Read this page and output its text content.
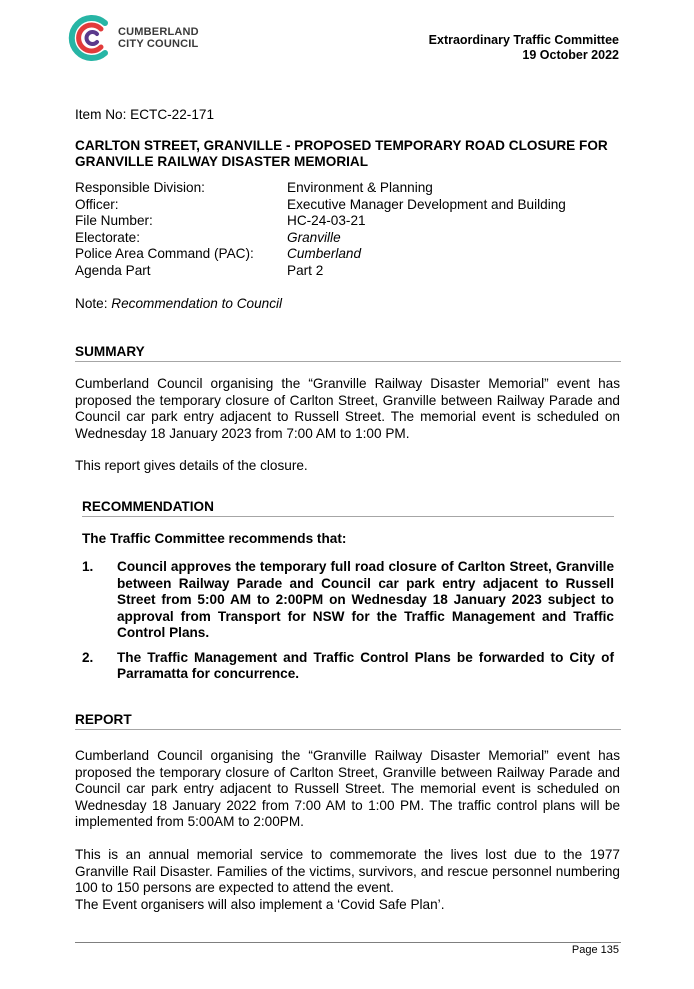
CUMBERLAND
CITY COUNCIL	Extraordinary Traffic Committee
19 October 2022
Item No: ECTC-22-171
CARLTON STREET, GRANVILLE - PROPOSED TEMPORARY ROAD CLOSURE FOR GRANVILLE RAILWAY DISASTER MEMORIAL
Responsible Division:	Environment & Planning
Officer:	Executive Manager Development and Building
File Number:	HC-24-03-21
Electorate:	Granville
Police Area Command (PAC): Cumberland
Agenda Part	Part 2
Note: Recommendation to Council
SUMMARY
Cumberland Council organising the “Granville Railway Disaster Memorial” event has proposed the temporary closure of Carlton Street, Granville between Railway Parade and Council car park entry adjacent to Russell Street. The memorial event is scheduled on Wednesday 18 January 2023 from 7:00 AM to 1:00 PM.
This report gives details of the closure.
RECOMMENDATION
The Traffic Committee recommends that:
1. Council approves the temporary full road closure of Carlton Street, Granville between Railway Parade and Council car park entry adjacent to Russell Street from 5:00 AM to 2:00PM on Wednesday 18 January 2023 subject to approval from Transport for NSW for the Traffic Management and Traffic Control Plans.
2. The Traffic Management and Traffic Control Plans be forwarded to City of Parramatta for concurrence.
REPORT
Cumberland Council organising the “Granville Railway Disaster Memorial” event has proposed the temporary closure of Carlton Street, Granville between Railway Parade and Council car park entry adjacent to Russell Street. The memorial event is scheduled on Wednesday 18 January 2022 from 7:00 AM to 1:00 PM. The traffic control plans will be implemented from 5:00AM to 2:00PM.
This is an annual memorial service to commemorate the lives lost due to the 1977 Granville Rail Disaster. Families of the victims, survivors, and rescue personnel numbering 100 to 150 persons are expected to attend the event.
The Event organisers will also implement a ‘Covid Safe Plan’.
Page 135
